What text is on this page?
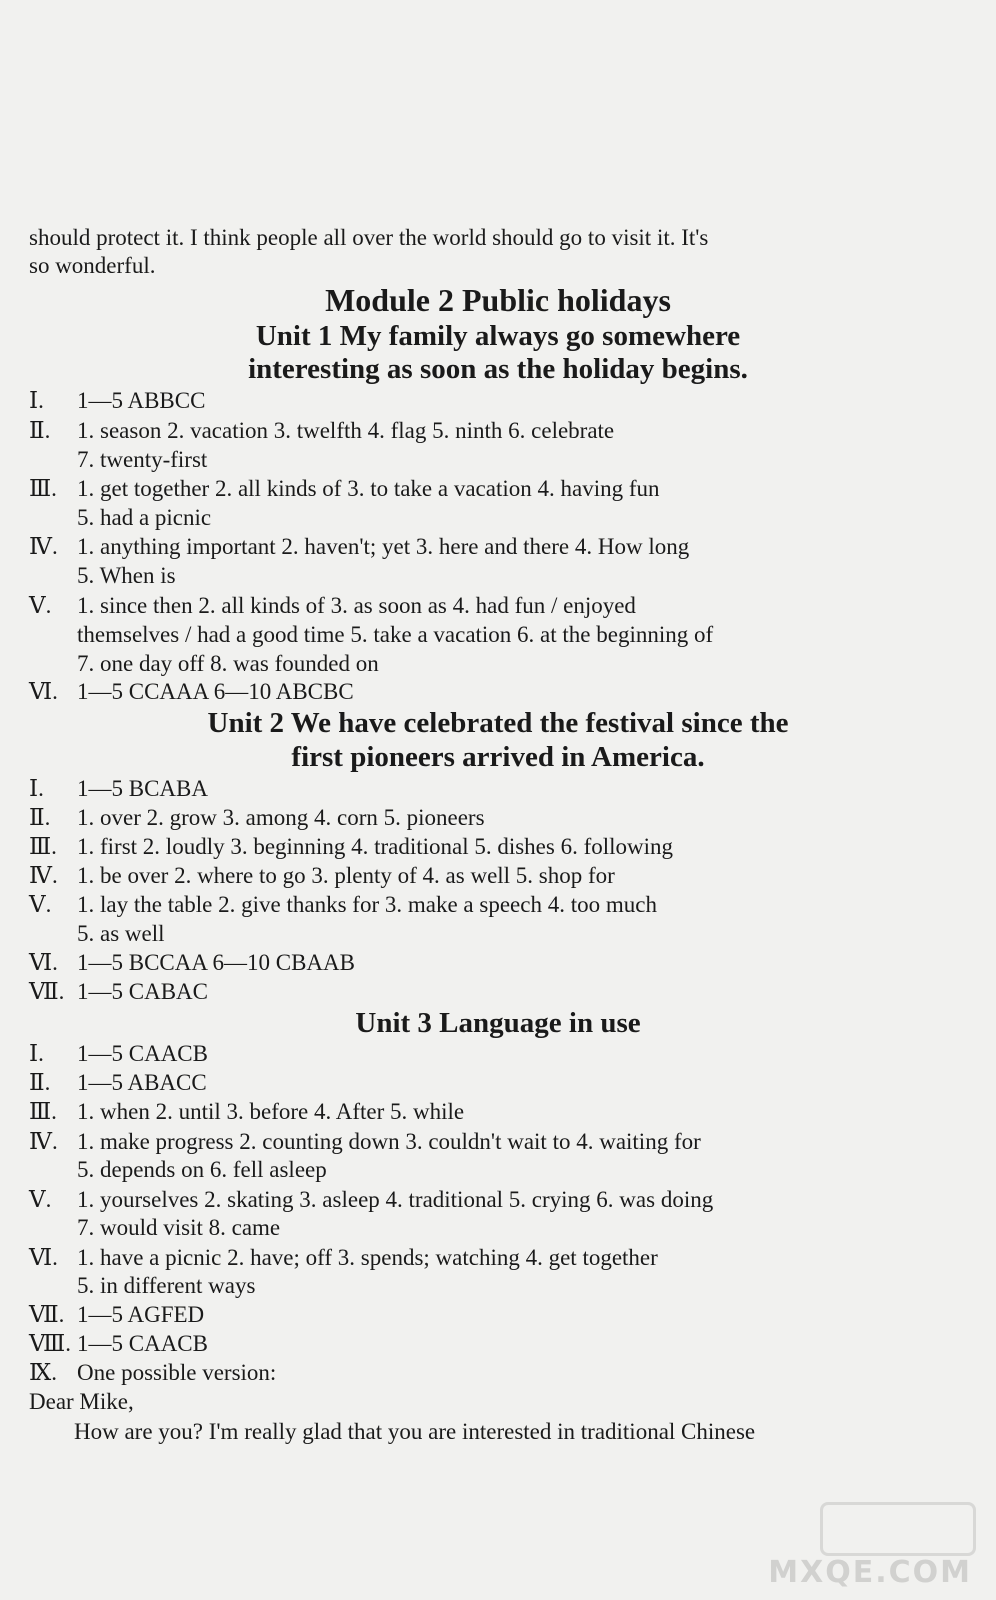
should protect it. I think people all over the world should go to visit it. It's
so wonderful.
Module 2 Public holidays
Unit 1 My family always go somewhere
interesting as soon as the holiday begins.
Ⅰ. 1—5 ABBCC
Ⅱ. 1. season 2. vacation 3. twelfth 4. flag 5. ninth 6. celebrate
7. twenty-first
Ⅲ. 1. get together 2. all kinds of 3. to take a vacation 4. having fun
5. had a picnic
Ⅳ. 1. anything important 2. haven't; yet 3. here and there 4. How long
5. When is
Ⅴ. 1. since then 2. all kinds of 3. as soon as 4. had fun / enjoyed
themselves / had a good time 5. take a vacation 6. at the beginning of
7. one day off 8. was founded on
Ⅵ. 1—5 CCAAA 6—10 ABCBC
Unit 2 We have celebrated the festival since the
first pioneers arrived in America.
Ⅰ. 1—5 BCABA
Ⅱ. 1. over 2. grow 3. among 4. corn 5. pioneers
Ⅲ. 1. first 2. loudly 3. beginning 4. traditional 5. dishes 6. following
Ⅳ. 1. be over 2. where to go 3. plenty of 4. as well 5. shop for
Ⅴ. 1. lay the table 2. give thanks for 3. make a speech 4. too much
5. as well
Ⅵ. 1—5 BCCAA 6—10 CBAAB
Ⅶ. 1—5 CABAC
Unit 3 Language in use
Ⅰ. 1—5 CAACB
Ⅱ. 1—5 ABACC
Ⅲ. 1. when 2. until 3. before 4. After 5. while
Ⅳ. 1. make progress 2. counting down 3. couldn't wait to 4. waiting for
5. depends on 6. fell asleep
Ⅴ. 1. yourselves 2. skating 3. asleep 4. traditional 5. crying 6. was doing
7. would visit 8. came
Ⅵ. 1. have a picnic 2. have; off 3. spends; watching 4. get together
5. in different ways
Ⅶ. 1—5 AGFED
Ⅷ. 1—5 CAACB
Ⅸ. One possible version:
Dear Mike,
How are you? I'm really glad that you are interested in traditional Chinese
MXQE.COM
